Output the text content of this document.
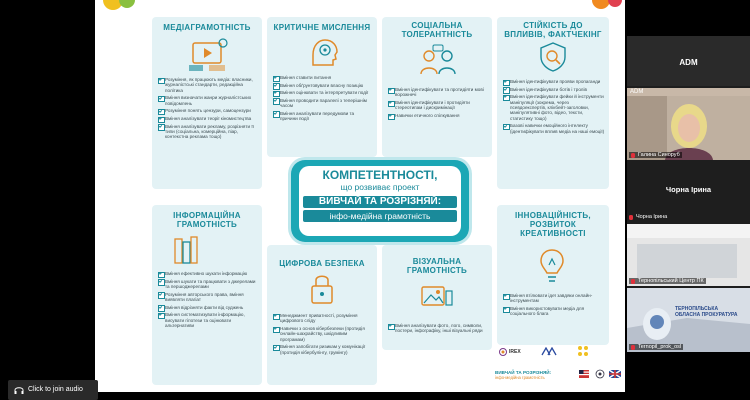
МЕДІАГРАМОТНІСТЬ
Розуміння, як працюють медіа: власники, журналістські стандарти, редакційна політика
Вміння визначати жанри журналістських повідомлень
Розуміння понять цензури, самоцензури
Вміння аналізувати теорії кіномистецтва
Вміння аналізувати рекламу, розрізняти її типи (соціальна, комерційна, пiар, контекстна реклама тощо)
КРИТИЧНЕ МИСЛЕННЯ
Вміння ставити питання
Вміння обґрунтовувати власну позицію
Вміння оцінювати та інтерпретувати події
Вміння проводити паралелі з теперішнім часом
Вміння аналізувати передумови та причини події
СОЦІАЛЬНА ТОЛЕРАНТНІСТЬ
Вміння ідентифікувати та протидіяти мові ворожнечі
Вміння ідентифікувати і протидіяти стереотипам і дискримінації
Навички етичного спілкування
СТІЙКІСТЬ ДО ВПЛИВІВ, ФАКТЧЕКІНГ
Вміння ідентифікувати прояви пропаганди
Вміння ідентифікувати ботів і тролів
Вміння ідентифікувати фейки й інструменти маніпуляції (зокрема, через псевдоекспертів, клікбейт-заголовки, маніпулятивні фото, відео, тексти, статистику тощо)
Базові навички емоційного інтелекту (ідентифікувати вплив медіа на наші емоції)
ІНФОРМАЦІЙНА ГРАМОТНІСТЬ
Вміння ефективно шукати інформацію
Вміння шукати та працювати з джерелами та першоджерелами
Розуміння авторського права, вміння виявляти плагіат
Вміння відрізняти факти від суджень
Вміння систематизувати інформацію, висувати гіпотези та оцінювати альтернативи
ЦИФРОВА БЕЗПЕКА
Менеджмент приватності, розуміння цифрового сліду
Навички з основ кібербезпеки (протидія онлайн-шахрайству, шкідливим програмам)
Вміння запобігати ризикам у комунікації (протидія кібербулінгу, грумінгу)
ВІЗУАЛЬНА ГРАМОТНІСТЬ
Вміння аналізувати фото, лого, символи, постери, інфографіку, інші візуальні ряди
ІННОВАЦІЙНІСТЬ, РОЗВИТОК КРЕАТИВНОСТІ
Вміння втілювати ідеї завдяки онлайн-інструментам
Вміння використовувати медіа для соціального блага
КОМПЕТЕНТНОСТІ,
що розвиває проект
ВИВЧАЙ ТА РОЗРІЗНЯЙ:
інфо-медійна грамотність
IREX
ВИВЧАЙ ТА РОЗРІЗНЯЙ:
інфо-медійна грамотність
ADM
ADM
Галина Синоруб
Чорна Ірина
Чорна Ірина
Тернопільський Центр ПК
ТЕРНОПІЛЬСЬКА
ОБЛАСНА ПРОКУРАТУРА
Ternopil_prok_osl
Click to join audio
